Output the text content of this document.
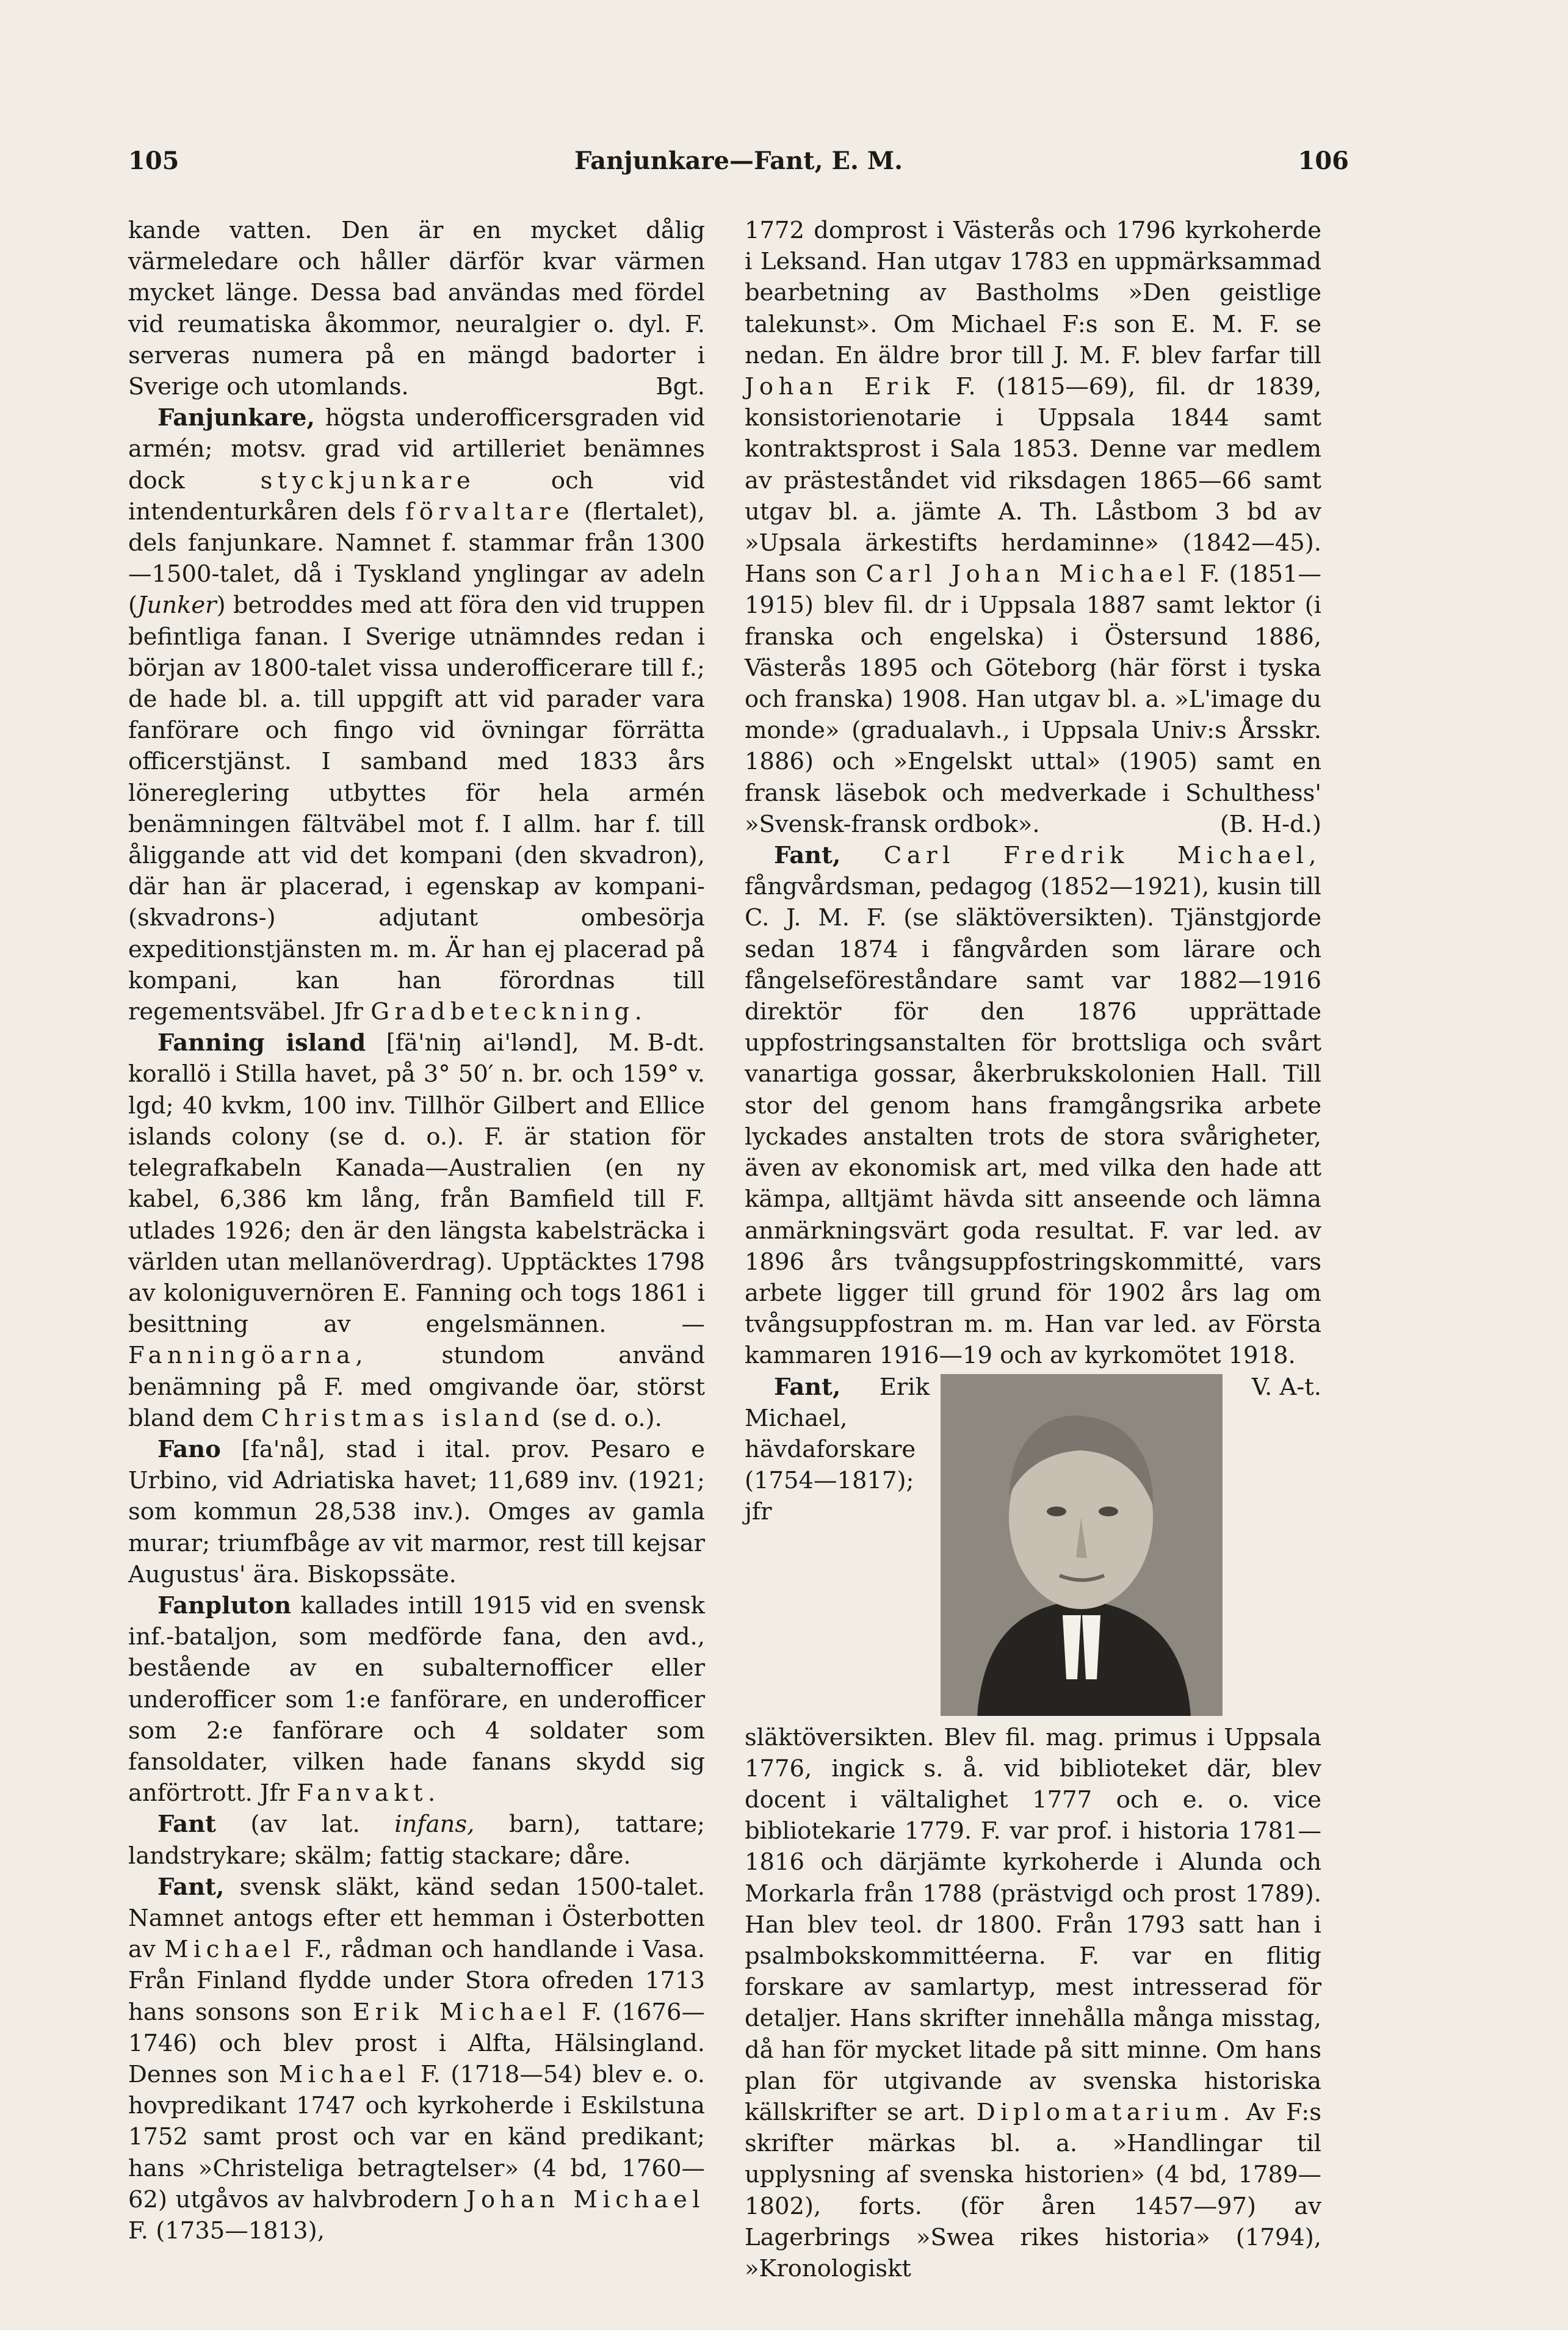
105	Fanjunkare—Fant, E. M.	106

kande vatten. Den är en mycket dålig värmeledare och håller därför kvar värmen mycket länge. Dessa bad användas med fördel vid reumatiska åkommor, neuralgier o. dyl. F. serveras numera på en mängd badorter i Sverige och utomlands.	Bgt.

Fanjunkare, högsta underofficersgraden vid armén; motsv. grad vid artilleriet benämnes dock	styckjunkare	och vid intendenturkåren dels förvaltare (flertalet), dels fanjunkare. Namnet f. stammar från 1300—1500-talet, då i Tyskland ynglingar av adeln (Junker) betroddes med att föra den vid truppen befintliga fanan. I Sverige utnämndes redan i början av 1800-talet vissa underofficerare till f.; de hade bl. a. till uppgift att vid parader vara fanförare och fingo vid övningar förrätta officerstjänst. I samband med 1833 års lönereglering utbyttes för hela armén benämningen fältväbel mot f. I allm. har f. till åliggande att vid det kompani (den skvadron), där han är placerad, i egenskap av kompani-(skvadrons-) adjutant ombesörja expeditionstjänsten m. m. Är han ej placerad på kompani, kan han förordnas till regementsväbel. Jfr Gradbeteckning.
M. B-dt.

Fanning island [fä'niŋ ai'lənd], korallö i Stilla havet, på 3° 50′ n. br. och 159° v. lgd; 40 kvkm, 100 inv. Tillhör Gilbert and Ellice islands colony (se d. o.). F. är station för telegrafkabeln Kanada—Australien (en ny kabel, 6,386 km lång, från Bamfield till F. utlades 1926; den är den längsta kabelsträcka i världen utan mellanöverdrag). Upptäcktes 1798 av koloniguvernören E. Fanning och togs 1861 i besittning av engelsmännen. — Fanningöarna,	stundom använd benämning på F. med omgivande öar, störst bland dem Christmas island (se d. o.).

Fano [fa'nå], stad i ital. prov. Pesaro e Urbino, vid Adriatiska havet; 11,689 inv. (1921; som kommun 28,538 inv.). Omges av gamla murar; triumfbåge av vit marmor, rest till kejsar Augustus' ära. Biskopssäte.

Fanpluton kallades intill 1915 vid en svensk inf.-bataljon, som medförde fana, den avd., bestående av en subalternofficer eller underofficer som 1:e fanförare, en underofficer som 2:e fanförare och 4 soldater som fansoldater, vilken hade fanans skydd sig anförtrott. Jfr Fanvakt.

Fant (av lat. infans, barn), tattare; landstrykare; skälm; fattig stackare; dåre.

Fant, svensk släkt, känd sedan 1500-talet. Namnet antogs efter ett hemman i Österbotten av Michael F., rådman och handlande i Vasa. Från Finland flydde under Stora ofreden 1713 hans sonsons son Erik Michael F. (1676—1746) och blev prost i Alfta, Hälsingland. Dennes son Michael F. (1718—54) blev e. o. hovpredikant 1747 och kyrkoherde i Eskilstuna 1752 samt prost och var en känd predikant; hans »Christeliga betragtelser» (4 bd, 1760—62) utgåvos av halvbrodern Johan Michael F. (1735—1813),

1772 domprost i Västerås och 1796 kyrkoherde i Leksand. Han utgav 1783 en uppmärksammad bearbetning av Bastholms »Den geistlige talekunst». Om Michael F:s son E. M. F. se nedan. En äldre bror till J. M. F. blev farfar till Johan Erik F. (1815—69), fil. dr 1839, konsistorienotarie i Uppsala 1844 samt kontraktsprost i Sala 1853. Denne var medlem av prästeståndet vid riksdagen 1865—66 samt utgav bl. a. jämte A. Th. Låstbom 3 bd av »Upsala ärkestifts herdaminne» (1842—45). Hans son Carl Johan Michael F. (1851—1915) blev fil. dr i Uppsala 1887 samt lektor (i franska och engelska) i Östersund 1886, Västerås 1895 och Göteborg (här först i tyska och franska) 1908. Han utgav bl. a. »L'image du monde» (gradualavh., i Uppsala Univ:s Årsskr. 1886) och »Engelskt uttal» (1905) samt en fransk läsebok och medverkade i Schulthess' »Svensk-fransk ordbok».	(B. H-d.)

Fant, Carl Fredrik Michael, fångvårdsman, pedagog (1852—1921), kusin till C. J. M. F. (se släktöversikten). Tjänstgjorde sedan 1874 i fångvården som lärare och fångelseföreståndare samt var 1882—1916 direktör för den 1876 upprättade uppfostringsanstalten för brottsliga och svårt vanartiga gossar, åkerbrukskolonien Hall. Till stor del genom hans framgångsrika arbete lyckades anstalten trots de stora svårigheter, även av ekonomisk art, med vilka den hade att kämpa, alltjämt hävda sitt anseende och lämna anmärkningsvärt goda resultat. F. var led. av 1896 års tvångsuppfostringskommitté, vars arbete ligger till grund för 1902 års lag om tvångsuppfostran m. m. Han var led. av Första kammaren 1916—19 och av kyrkomötet 1918.
V. A-t.

Fant, Erik Michael, hävdaforskare (1754—1817); jfr släktöversikten. Blev fil. mag. primus i Uppsala 1776, ingick s. å. vid biblioteket där, blev docent i vältalighet 1777 och e. o. vice bibliotekarie 1779. F. var prof. i historia 1781—1816 och därjämte kyrkoherde i Alunda och Morkarla från 1788 (prästvigd och prost 1789). Han blev teol. dr 1800. Från 1793 satt han i psalmbokskommittéerna. F. var en flitig forskare av samlartyp, mest intresserad för detaljer. Hans skrifter innehålla många misstag, då han för mycket litade på sitt minne. Om hans plan för utgivande av svenska historiska källskrifter se art. Diplomatarium. Av F:s skrifter märkas bl. a. »Handlingar til upplysning af svenska historien» (4 bd, 1789—1802), forts. (för åren 1457—97) av Lagerbrings »Swea rikes historia» (1794), »Kronologiskt
